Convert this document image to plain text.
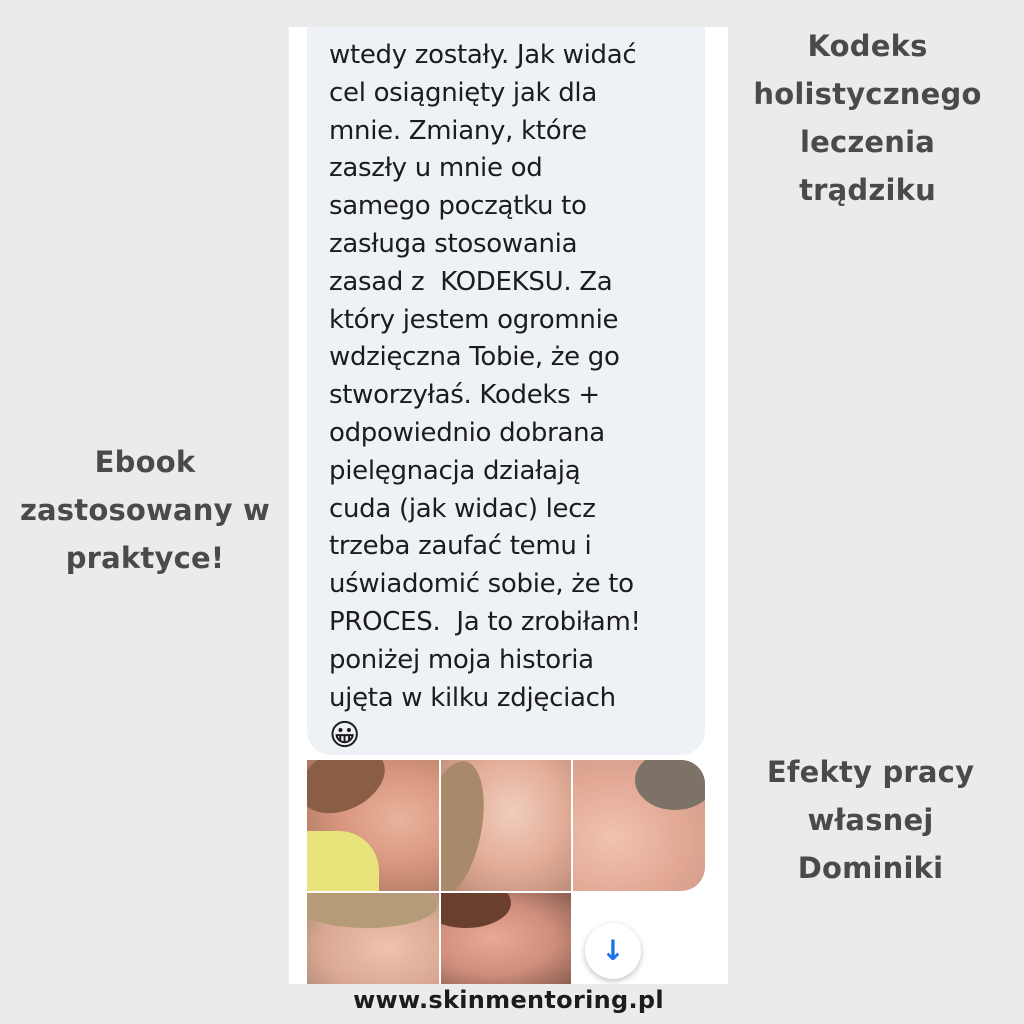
Kodeks
holistycznego
leczenia
trądziku
Ebook
zastosowany w
praktyce!
Efekty pracy
własnej
Dominiki
wtedy zostały. Jak widać
cel osiągnięty jak dla
mnie. Zmiany, które
zaszły u mnie od
samego początku to
zasługa stosowania
zasad z  KODEKSU. Za
który jestem ogromnie
wdzięczna Tobie, że go
stworzyłaś. Kodeks +
odpowiednio dobrana
pielęgnacja działają
cuda (jak widac) lecz
trzeba zaufać temu i
uświadomić sobie, że to
PROCES.  Ja to zrobiłam!
poniżej moja historia
ujęta w kilku zdjęciach
😀
↓
www.skinmentoring.pl
